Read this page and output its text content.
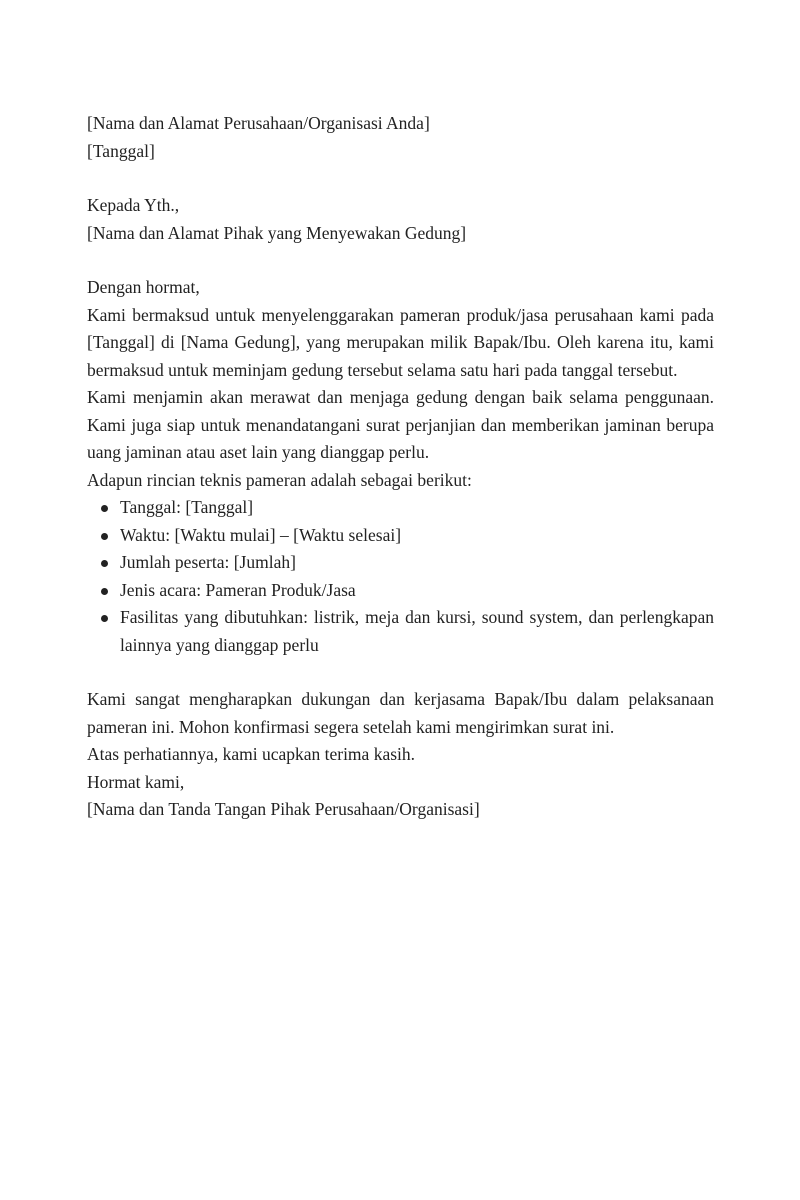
[Nama dan Alamat Perusahaan/Organisasi Anda]

[Tanggal]

Kepada Yth.,

[Nama dan Alamat Pihak yang Menyewakan Gedung]

Dengan hormat,

Kami bermaksud untuk menyelenggarakan pameran produk/jasa perusahaan kami pada [Tanggal] di [Nama Gedung], yang merupakan milik Bapak/Ibu. Oleh karena itu, kami bermaksud untuk meminjam gedung tersebut selama satu hari pada tanggal tersebut.

Kami menjamin akan merawat dan menjaga gedung dengan baik selama penggunaan. Kami juga siap untuk menandatangani surat perjanjian dan memberikan jaminan berupa uang jaminan atau aset lain yang dianggap perlu.

Adapun rincian teknis pameran adalah sebagai berikut:

Tanggal: [Tanggal]
Waktu: [Waktu mulai] – [Waktu selesai]
Jumlah peserta: [Jumlah]
Jenis acara: Pameran Produk/Jasa
Fasilitas yang dibutuhkan: listrik, meja dan kursi, sound system, dan perlengkapan lainnya yang dianggap perlu

Kami sangat mengharapkan dukungan dan kerjasama Bapak/Ibu dalam pelaksanaan pameran ini. Mohon konfirmasi segera setelah kami mengirimkan surat ini.

Atas perhatiannya, kami ucapkan terima kasih.

Hormat kami,

[Nama dan Tanda Tangan Pihak Perusahaan/Organisasi]
